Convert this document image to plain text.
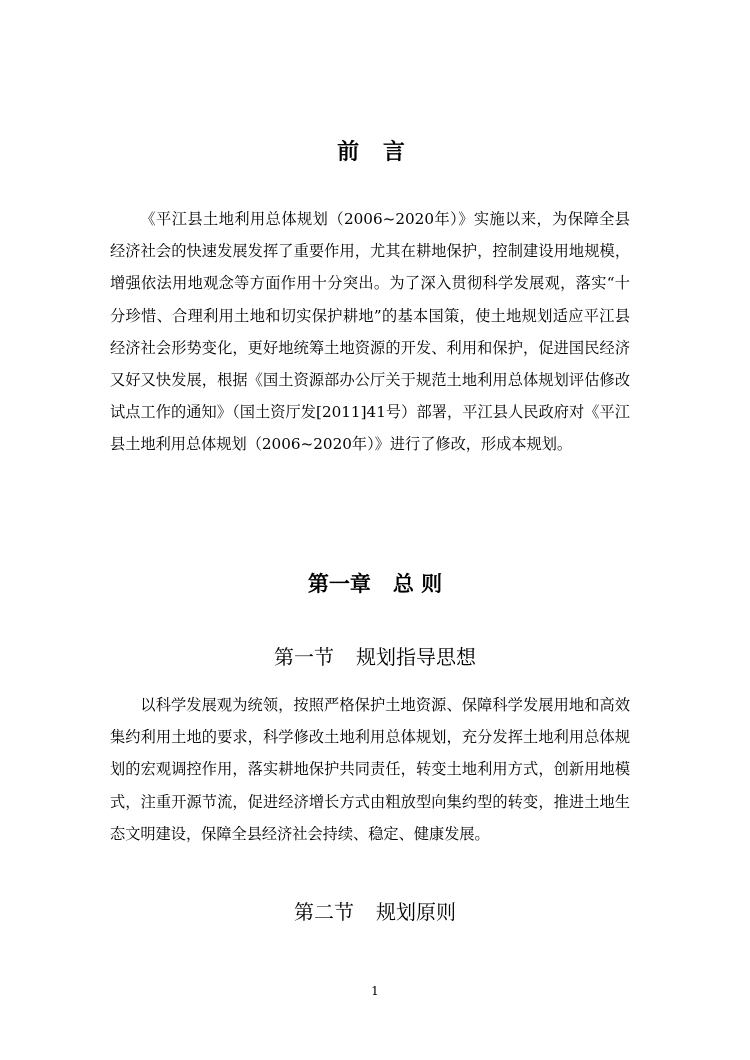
前 言

《平江县土地利用总体规划（2006~2020年）》实施以来，为保障全县经济社会的快速发展发挥了重要作用，尤其在耕地保护，控制建设用地规模，增强依法用地观念等方面作用十分突出。为了深入贯彻科学发展观，落实“十分珍惜、合理利用土地和切实保护耕地”的基本国策，使土地规划适应平江县经济社会形势变化，更好地统筹土地资源的开发、利用和保护，促进国民经济又好又快发展，根据《国土资源部办公厅关于规范土地利用总体规划评估修改试点工作的通知》（国土资厅发[2011]41号）部署，平江县人民政府对《平江县土地利用总体规划（2006~2020年）》进行了修改，形成本规划。

第一章 总 则
第一节 规划指导思想

以科学发展观为统领，按照严格保护土地资源、保障科学发展用地和高效集约利用土地的要求，科学修改土地利用总体规划，充分发挥土地利用总体规划的宏观调控作用，落实耕地保护共同责任，转变土地利用方式，创新用地模式，注重开源节流，促进经济增长方式由粗放型向集约型的转变，推进土地生态文明建设，保障全县经济社会持续、稳定、健康发展。

第二节 规划原则
1
